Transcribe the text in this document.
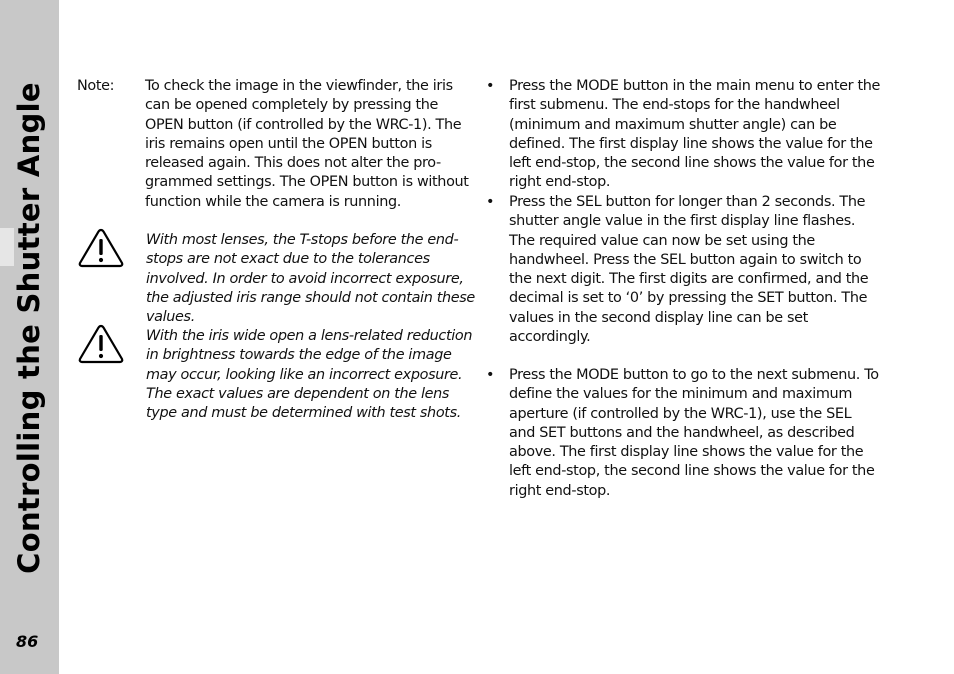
Controlling the Shutter Angle
86
Note: To check the image in the viewfinder, the iris can be opened completely by pressing the OPEN button (if controlled by the WRC-1). The iris remains open until the OPEN button is released again. This does not alter the pro-grammed settings. The OPEN button is without function while the camera is running.

With most lenses, the T-stops before the end-stops are not exact due to the tolerances involved. In order to avoid incorrect exposure, the adjusted iris range should not contain these values.

With the iris wide open a lens-related reduction in brightness towards the edge of the image may occur, looking like an incorrect exposure. The exact values are dependent on the lens type and must be determined with test shots.

• Press the MODE button in the main menu to enter the first submenu. The end-stops for the handwheel (minimum and maximum shutter angle) can be defined. The first display line shows the value for the left end-stop, the second line shows the value for the right end-stop.

• Press the SEL button for longer than 2 seconds. The shutter angle value in the first display line flashes. The required value can now be set using the handwheel. Press the SEL button again to switch to the next digit. The first digits are confirmed, and the decimal is set to ‘0’ by pressing the SET button. The values in the second display line can be set accordingly.

• Press the MODE button to go to the next submenu. To define the values for the minimum and maximum aperture (if controlled by the WRC-1), use the SEL and SET buttons and the handwheel, as described above. The first display line shows the value for the left end-stop, the second line shows the value for the right end-stop.
